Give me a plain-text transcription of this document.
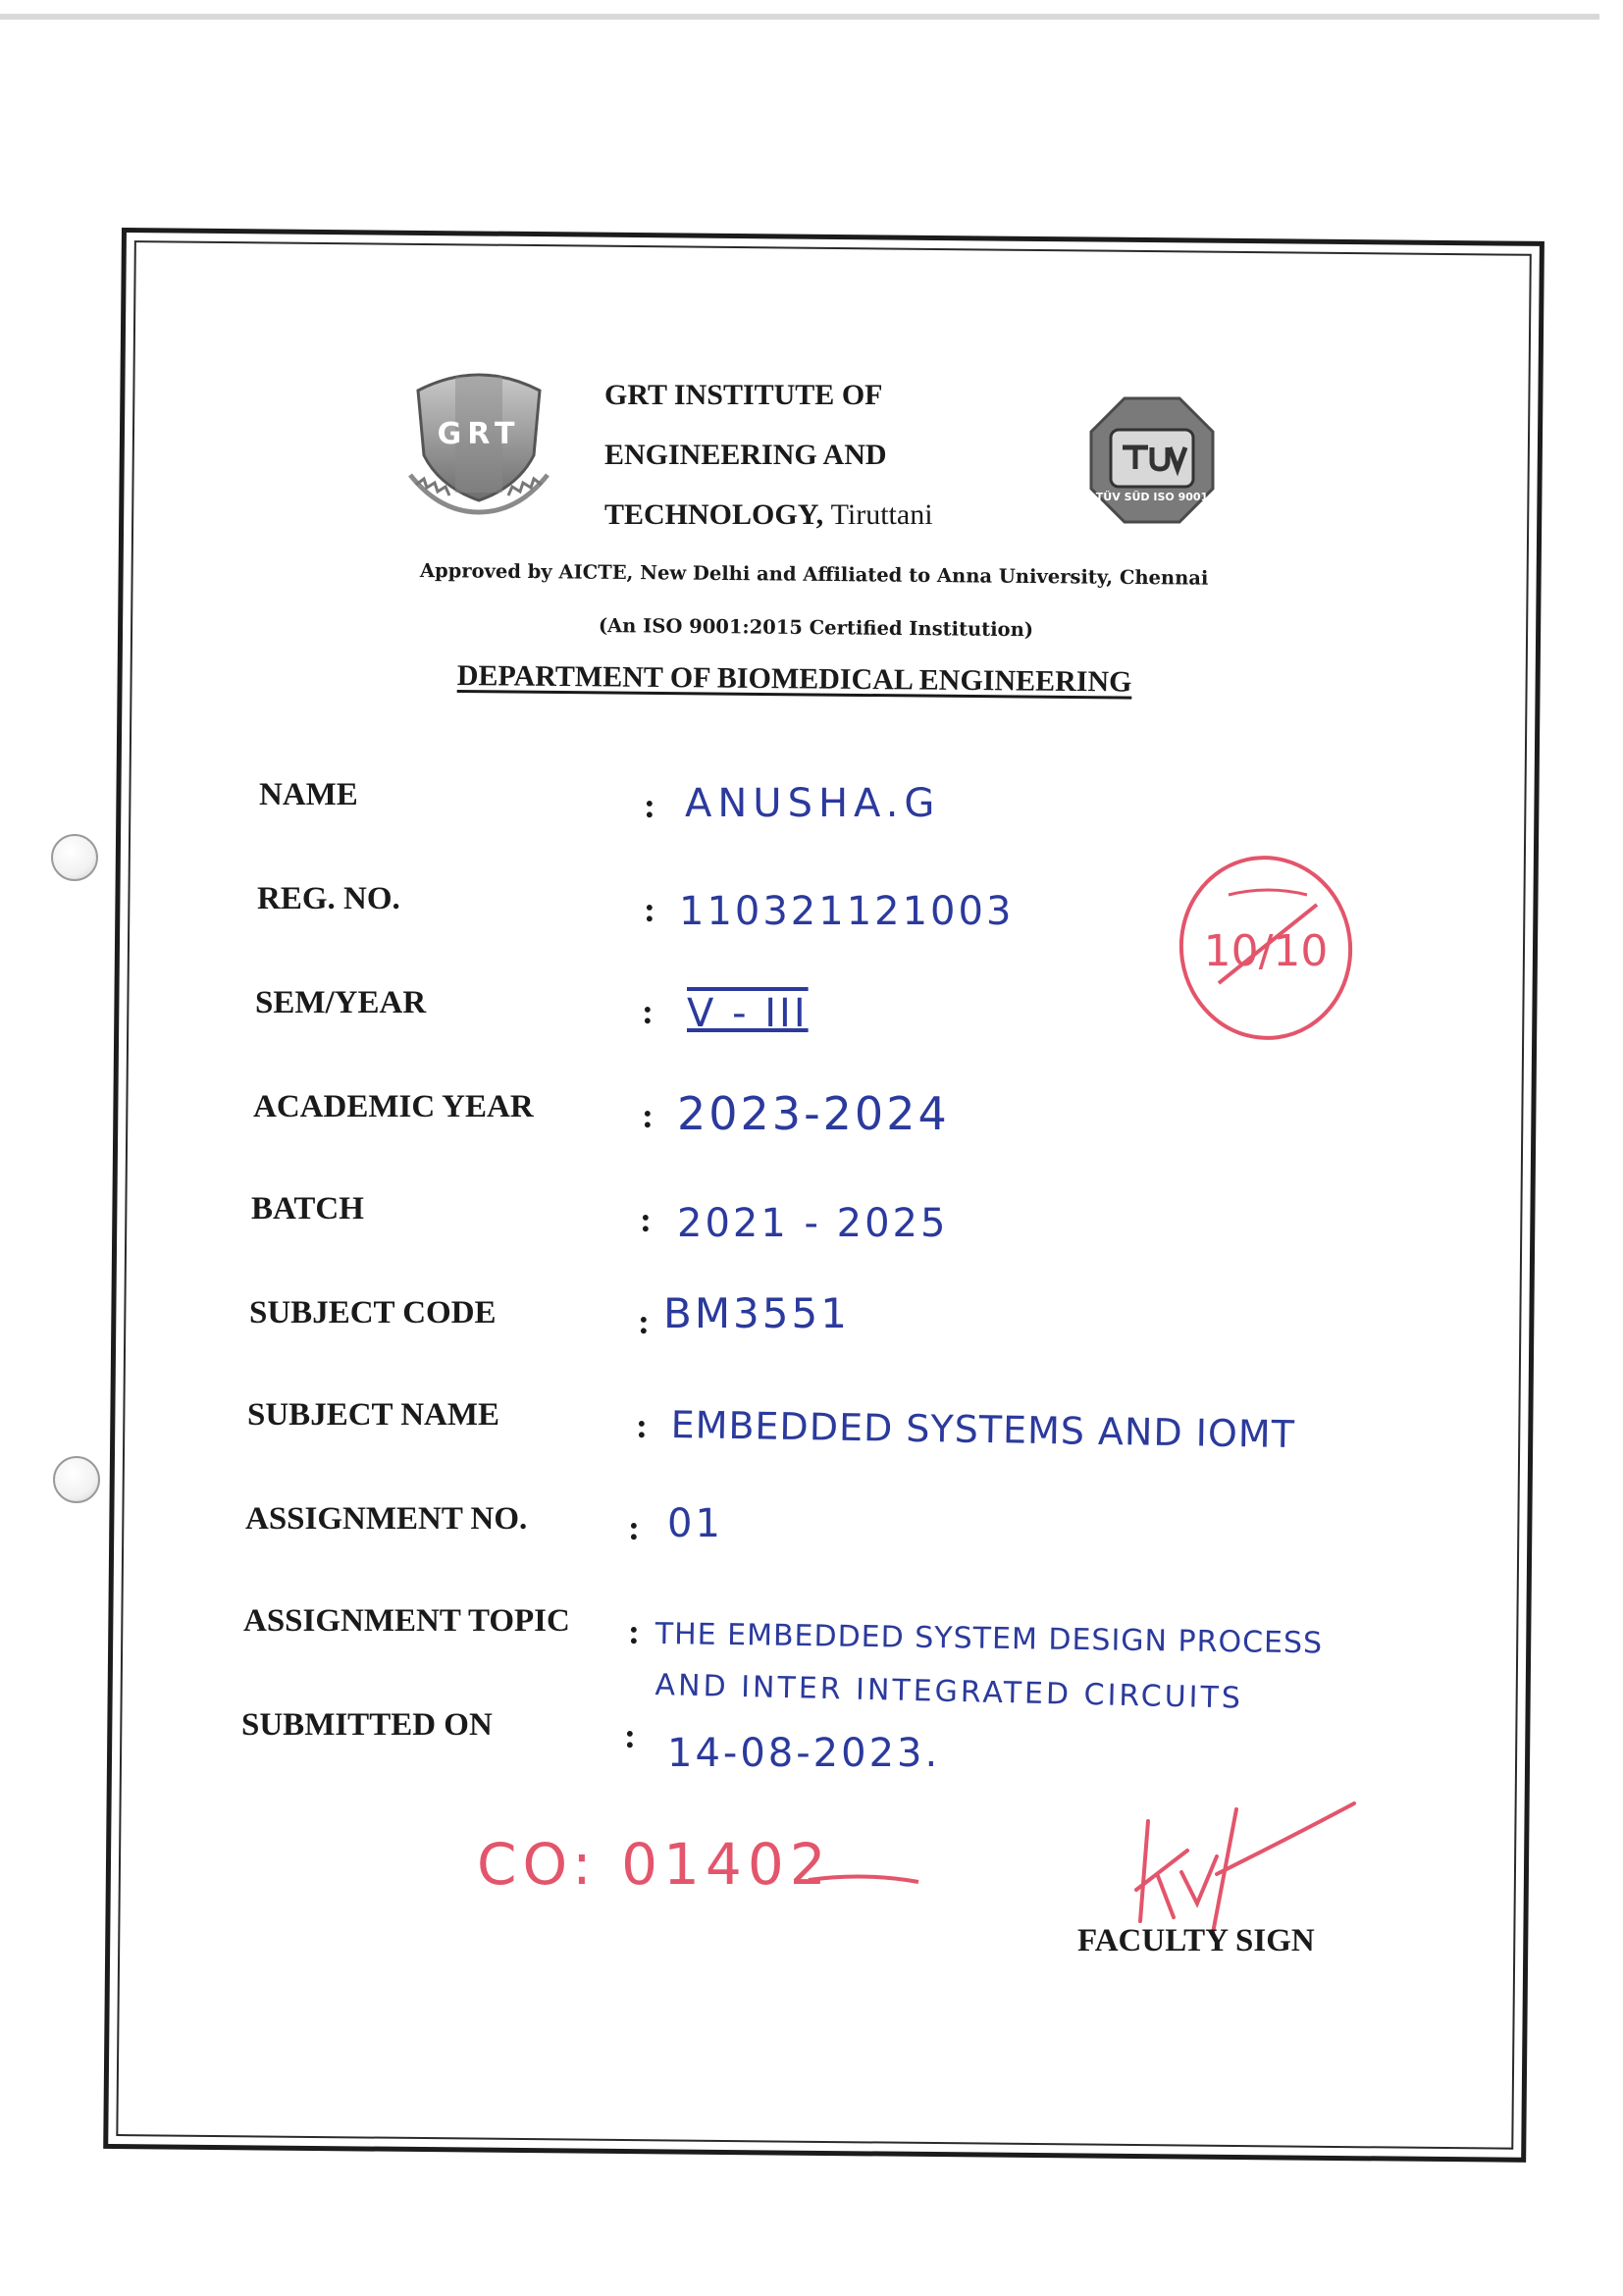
GRT
GRT INSTITUTE OF
ENGINEERING AND
TECHNOLOGY, Tiruttani
TÜV SÜD ISO 9001
Approved by AICTE, New Delhi and Affiliated to Anna University, Chennai
(An ISO 9001:2015 Certified Institution)
DEPARTMENT OF BIOMEDICAL ENGINEERING
NAME
REG. NO.
SEM/YEAR
ACADEMIC YEAR
BATCH
SUBJECT CODE
SUBJECT NAME
ASSIGNMENT NO.
ASSIGNMENT TOPIC
SUBMITTED ON
:
:
:
:
:
:
:
:
:
:
ANUSHA.G
110321121003
V - III
2023-2024
2021 - 2025
BM3551
EMBEDDED SYSTEMS AND IOMT
01
THE EMBEDDED SYSTEM DESIGN PROCESS
AND INTER INTEGRATED CIRCUITS
14-08-2023.
10/10
CO: 01402
FACULTY SIGN
